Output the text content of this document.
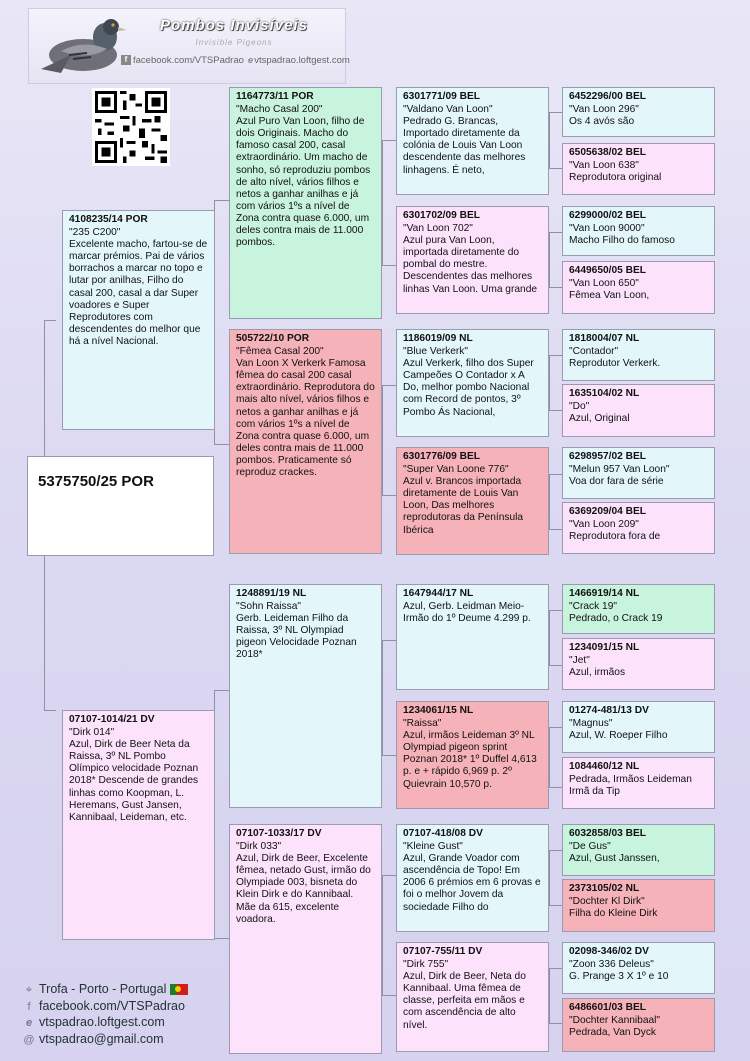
Pombos Invisíveis
Invisible Pigeons
f facebook.com/VTSPadrao evtspadrao.loftgest.com
5375750/25 POR
4108235/14 POR
"235 C200"
Excelente macho, fartou-se de marcar prémios. Pai de vários borrachos a marcar no topo e lutar por anilhas, Filho do casal 200, casal a dar Super voadores e Super Reprodutores com descendentes do melhor que há a nível Nacional.
07107-1014/21 DV
"Dirk 014"
Azul, Dirk de Beer Neta da Raissa, 3º NL Pombo Olímpico velocidade Poznan 2018* Descende de grandes linhas como Koopman, L. Heremans, Gust Jansen, Kannibaal, Leideman, etc.
1164773/11 POR
"Macho Casal 200"
Azul Puro Van Loon, filho de dois Originais. Macho do famoso casal 200, casal extraordinário. Um macho de sonho, só reproduziu pombos de alto nível, vários filhos e netos a ganhar anilhas e já com vários 1ºs a nível de Zona contra quase 6.000, um deles contra mais de 11.000 pombos.
505722/10 POR
"Fêmea Casal 200"
Van Loon X Verkerk Famosa fêmea do casal 200 casal extraordinário. Reprodutora do mais alto nível, vários filhos e netos a ganhar anilhas e já com vários 1ºs a nível de Zona contra quase 6.000, um deles contra mais de 11.000 pombos. Praticamente só reproduz crackes.
1248891/19 NL
"Sohn Raissa"
Gerb. Leideman Filho da Raissa, 3º NL Olympiad pigeon Velocidade Poznan 2018*
07107-1033/17 DV
"Dirk 033"
Azul, Dirk de Beer, Excelente fêmea, netado Gust, irmão do Olympiade 003, bisneta do Klein Dirk e do Kannibaal. Mãe da 615, excelente voadora.
6301771/09 BEL
"Valdano Van Loon"
Pedrado G. Brancas, Importado diretamente da colónia de Louis Van Loon descendente das melhores linhagens. É neto,
6301702/09 BEL
"Van Loon 702"
Azul pura Van Loon, importada diretamente do pombal do mestre. Descendentes das melhores linhas Van Loon. Uma grande
1186019/09 NL
"Blue Verkerk"
Azul Verkerk, filho dos Super Campeões O Contador x A Do, melhor pombo Nacional com Record de pontos, 3º Pombo Ás Nacional,
6301776/09 BEL
"Super Van Loone 776"
Azul v. Brancos importada diretamente de Louis Van Loon, Das melhores reprodutoras da Península Ibérica
1647944/17 NL
Azul, Gerb. Leidman Meio-Irmão do 1º Deume 4.299 p.
1234061/15 NL
"Raissa"
Azul, irmãos Leideman 3º NL Olympiad pigeon sprint Poznan 2018* 1º Duffel 4,613 p. e + rápido 6,969 p. 2º Quievrain 10,570 p.
07107-418/08 DV
"Kleine Gust"
Azul, Grande Voador com ascendência de Topo! Em 2006 6 prémios em 6 provas e foi o melhor Jovem da sociedade Filho do
07107-755/11 DV
"Dirk 755"
Azul, Dirk de Beer, Neta do Kannibaal. Uma fêmea de classe, perfeita em mãos e com ascendência de alto nível.
6452296/00 BEL
"Van Loon 296"
Os 4 avós são
6505638/02 BEL
"Van Loon 638"
Reprodutora original
6299000/02 BEL
"Van Loon 9000"
Macho Filho do famoso
6449650/05 BEL
"Van Loon 650"
Fêmea Van Loon,
1818004/07 NL
"Contador"
Reprodutor Verkerk.
1635104/02 NL
"Do"
Azul, Original
6298957/02 BEL
"Melun 957 Van Loon"
Voa dor fara de série
6369209/04 BEL
"Van Loon 209"
Reprodutora fora de
1466919/14 NL
"Crack 19"
Pedrado, o Crack 19
1234091/15 NL
"Jet"
Azul, irmãos
01274-481/13 DV
"Magnus"
Azul, W. Roeper Filho
1084460/12 NL
Pedrada, Irmãos Leideman Irmã da Tip
6032858/03 BEL
"De Gus"
Azul, Gust Janssen,
2373105/02 NL
"Dochter Kl Dirk"
Filha do Kleine Dirk
02098-346/02 DV
"Zoon 336 Deleus"
G. Prange 3 X 1º e 10
6486601/03 BEL
"Dochter Kannibaal"
Pedrada, Van Dyck
⌖ Trofa - Porto - Portugal
f facebook.com/VTSPadrao
e vtspadrao.loftgest.com
@ vtspadrao@gmail.com
